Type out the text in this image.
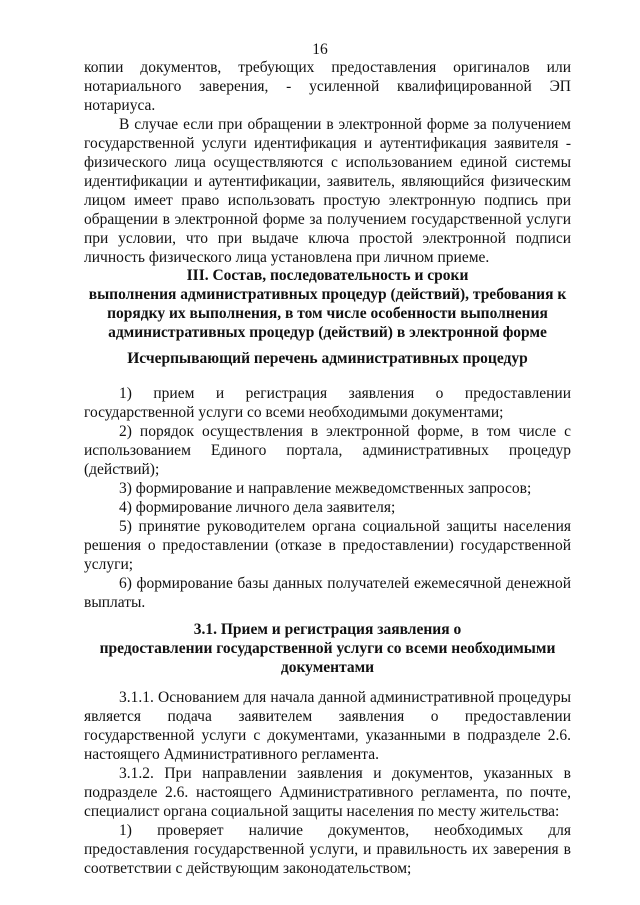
16

копии документов, требующих предоставления оригиналов или нотариального заверения, - усиленной квалифицированной ЭП нотариуса.

В случае если при обращении в электронной форме за получением государственной услуги идентификация и аутентификация заявителя - физического лица осуществляются с использованием единой системы идентификации и аутентификации, заявитель, являющийся физическим лицом имеет право использовать простую электронную подпись при обращении в электронной форме за получением государственной услуги при условии, что при выдаче ключа простой электронной подписи личность физического лица установлена при личном приеме.

III. Состав, последовательность и сроки

выполнения административных процедур (действий), требования к

порядку их выполнения, в том числе особенности выполнения

административных процедур (действий) в электронной форме

Исчерпывающий перечень административных процедур

1) прием и регистрация заявления о предоставлении государственной услуги со всеми необходимыми документами;

2) порядок осуществления в электронной форме, в том числе с использованием Единого портала, административных процедур (действий);

3) формирование и направление межведомственных запросов;

4) формирование личного дела заявителя;

5) принятие руководителем органа социальной защиты населения решения о предоставлении (отказе в предоставлении) государственной услуги;

6) формирование базы данных получателей ежемесячной денежной выплаты.

3.1. Прием и регистрация заявления о

предоставлении государственной услуги со всеми необходимыми

документами

3.1.1. Основанием для начала данной административной процедуры является подача заявителем заявления о предоставлении государственной услуги с документами, указанными в подразделе 2.6. настоящего Административного регламента.

3.1.2. При направлении заявления и документов, указанных в подразделе 2.6. настоящего Административного регламента, по почте, специалист органа социальной защиты населения по месту жительства:

1) проверяет наличие документов, необходимых для предоставления государственной услуги, и правильность их заверения в соответствии с действующим законодательством;
